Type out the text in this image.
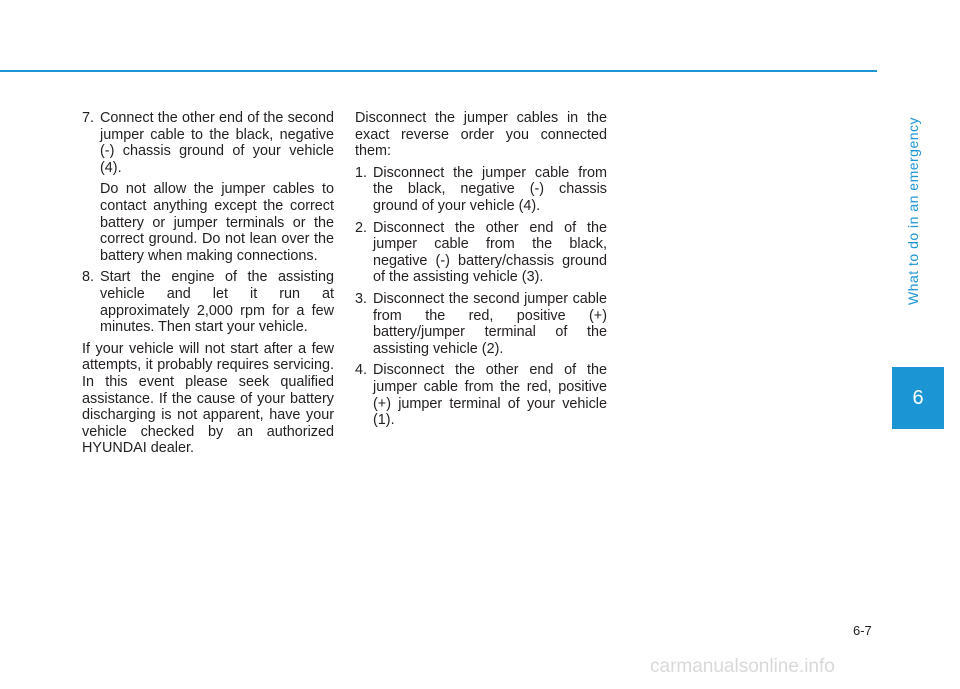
7. Connect the other end of the second jumper cable to the black, negative (-) chassis ground of your vehicle (4).

Do not allow the jumper cables to contact anything except the correct battery or jumper terminals or the correct ground. Do not lean over the battery when making connections.

8. Start the engine of the assisting vehicle and let it run at approximately 2,000 rpm for a few minutes. Then start your vehicle.

If your vehicle will not start after a few attempts, it probably requires servicing. In this event please seek qualified assistance. If the cause of your battery discharging is not apparent, have your vehicle checked by an authorized HYUNDAI dealer.

Disconnect the jumper cables in the exact reverse order you connected them:

1. Disconnect the jumper cable from the black, negative (-) chassis ground of your vehicle (4).

2. Disconnect the other end of the jumper cable from the black, negative (-) battery/chassis ground of the assisting vehicle (3).

3. Disconnect the second jumper cable from the red, positive (+) battery/jumper terminal of the assisting vehicle (2).

4. Disconnect the other end of the jumper cable from the red, positive (+) jumper terminal of your vehicle (1).

What to do in an emergency
6
6-7
carmanualsonline.info
